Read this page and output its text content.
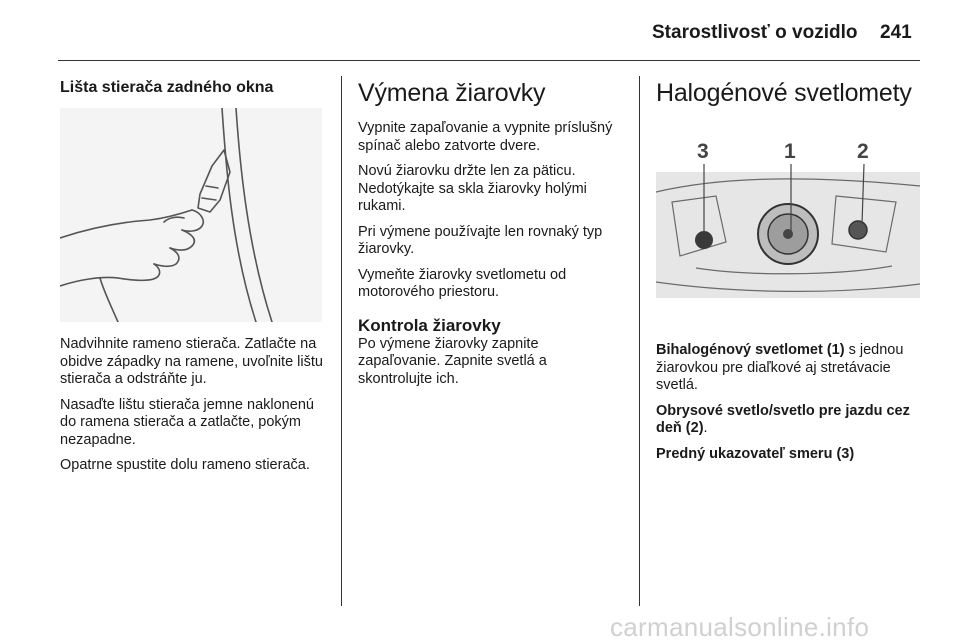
Starostlivosť o vozidlo 241
Lišta stierača zadného okna

Nadvihnite rameno stierača. Zatlačte na obidve západky na ramene, uvoľnite lištu stierača a odstráňte ju.

Nasaďte lištu stierača jemne naklonenú do ramena stierača a zatlačte, pokým nezapadne.

Opatrne spustite dolu rameno stierača.

Výmena žiarovky

Vypnite zapaľovanie a vypnite príslušný spínač alebo zatvorte dvere.

Novú žiarovku držte len za päticu. Nedotýkajte sa skla žiarovky holými rukami.

Pri výmene používajte len rovnaký typ žiarovky.

Vymeňte žiarovky svetlometu od motorového priestoru.

Kontrola žiarovky

Po výmene žiarovky zapnite zapaľovanie. Zapnite svetlá a skontrolujte ich.

Halogénové svetlomety
3	1	2

Bihalogénový svetlomet (1) s jednou žiarovkou pre diaľkové aj stretávacie svetlá.

Obrysové svetlo/svetlo pre jazdu cez deň (2).

Predný ukazovateľ smeru (3)

carmanualsonline.info
